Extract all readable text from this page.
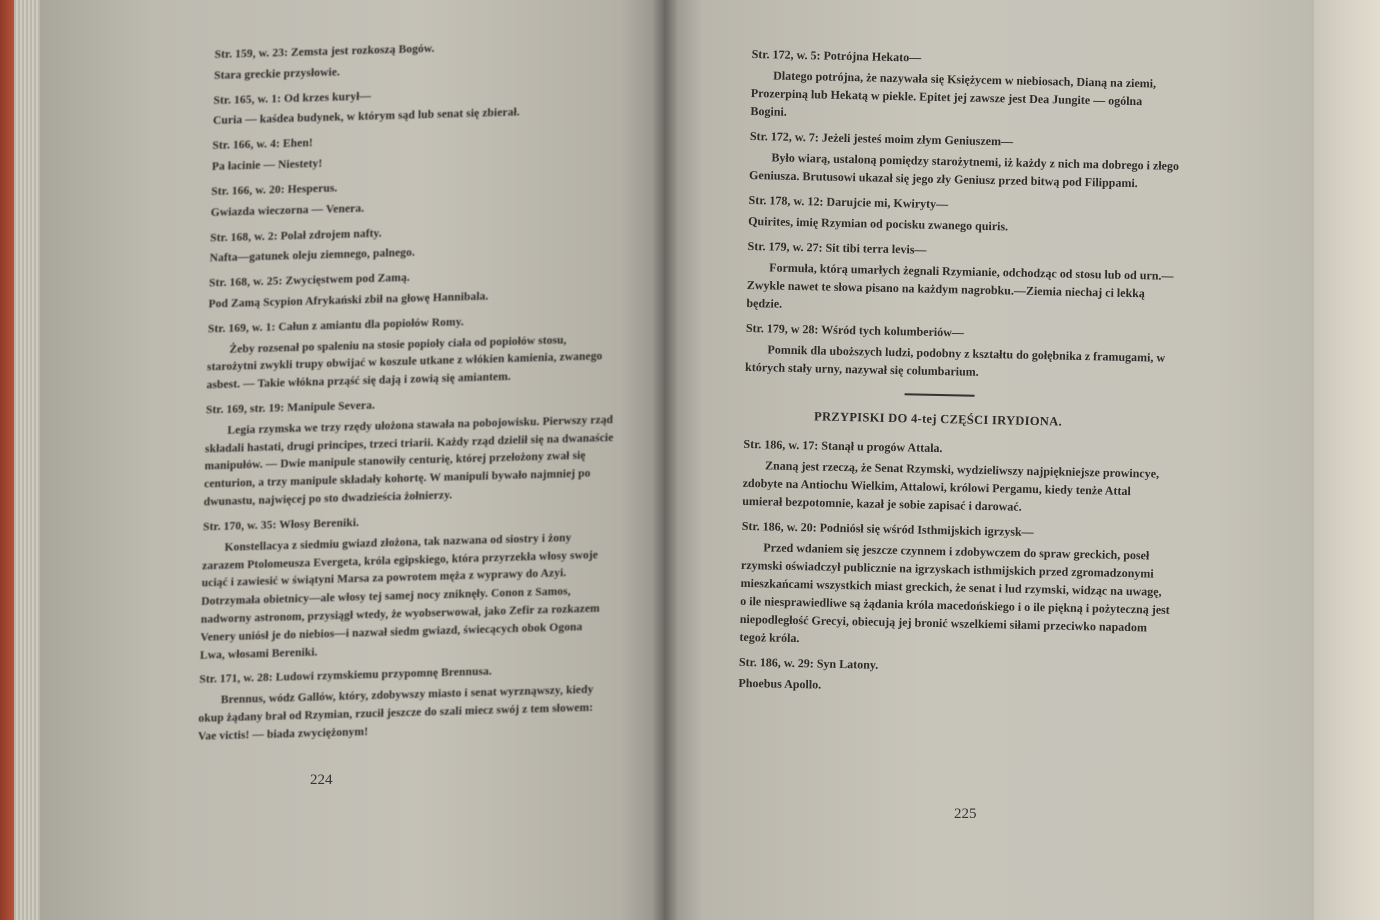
Str. 159, w. 23: Zemsta jest rozkoszą Bogów.

Stara greckie przysłowie.

Str. 165, w. 1: Od krzes kurył—

Curia — kaśdea budynek, w którym sąd lub senat się zbierał.

Str. 166, w. 4: Ehen!

Pa łacinie — Niestety!

Str. 166, w. 20: Hesperus.

Gwiazda wieczorna — Venera.

Str. 168, w. 2: Polał zdrojem nafty.

Nafta—gatunek oleju ziemnego, palnego.

Str. 168, w. 25: Zwycięstwem pod Zamą.

Pod Zamą Scypion Afrykański zbił na głowę Hannibala.

Str. 169, w. 1: Całun z amiantu dla popiołów Romy.

Żeby rozsenał po spaleniu na stosie popioły ciała od popiołów stosu, starożytni zwykli trupy obwijać w koszule utkane z włókien kamienia, zwanego asbest. — Takie włókna prząść się dają i zowią się amiantem.

Str. 169, str. 19: Manipule Severa.

Legia rzymska we trzy rzędy ułożona stawała na pobojowisku. Pierwszy rząd składali hastati, drugi principes, trzeci triarii. Każdy rząd dzielił się na dwanaście manipułów. — Dwie manipule stanowiły centurię, której przełożony zwał się centurion, a trzy manipule składały kohortę. W manipuli bywało najmniej po dwunastu, najwięcej po sto dwadzieścia żołnierzy.

Str. 170, w. 35: Włosy Bereniki.

Konstellacya z siedmiu gwiazd złożona, tak nazwana od siostry i żony zarazem Ptolomeusza Evergeta, króla egipskiego, która przyrzekła włosy swoje uciąć i zawiesić w świątyni Marsa za powrotem męża z wyprawy do Azyi. Dotrzymała obietnicy—ale włosy tej samej nocy zniknęły. Conon z Samos, nadworny astronom, przysiągł wtedy, że wyobserwował, jako Zefir za rozkazem Venery uniósł je do niebios—i nazwał siedm gwiazd, świecących obok Ogona Lwa, włosami Bereniki.

Str. 171, w. 28: Ludowi rzymskiemu przypomnę Brennusa.

Brennus, wódz Gallów, który, zdobywszy miasto i senat wyrznąwszy, kiedy okup żądany brał od Rzymian, rzucił jeszcze do szali miecz swój z tem słowem: Vae victis! — biada zwyciężonym!

224

Str. 172, w. 5: Potrójna Hekato—

Dlatego potrójna, że nazywała się Księżycem w niebiosach, Dianą na ziemi, Prozerpiną lub Hekatą w piekle. Epitet jej zawsze jest Dea Jungite — ogólna Bogini.

Str. 172, w. 7: Jeżeli jesteś moim złym Geniuszem—

Było wiarą, ustaloną pomiędzy starożytnemi, iż każdy z nich ma dobrego i złego Geniusza. Brutusowi ukazał się jego zły Geniusz przed bitwą pod Filippami.

Str. 178, w. 12: Darujcie mi, Kwiryty—

Quirites, imię Rzymian od pocisku zwanego quiris.

Str. 179, w. 27: Sit tibi terra levis—

Formuła, którą umarłych żegnali Rzymianie, odchodząc od stosu lub od urn.—Zwykle nawet te słowa pisano na każdym nagrobku.—Ziemia niechaj ci lekką będzie.

Str. 179, w 28: Wśród tych kolumberiów—

Pomnik dla uboższych ludzi, podobny z kształtu do gołębnika z framugami, w których stały urny, nazywał się columbarium.

PRZYPISKI DO 4-tej CZĘŚCI IRYDIONA.

Str. 186, w. 17: Stanął u progów Attala.

Znaną jest rzeczą, że Senat Rzymski, wydzieliwszy najpiękniejsze prowincye, zdobyte na Antiochu Wielkim, Attalowi, królowi Pergamu, kiedy tenże Attal umierał bezpotomnie, kazał je sobie zapisać i darować.

Str. 186, w. 20: Podniósł się wśród Isthmijskich igrzysk—

Przed wdaniem się jeszcze czynnem i zdobywczem do spraw greckich, poseł rzymski oświadczył publicznie na igrzyskach isthmijskich przed zgromadzonymi mieszkańcami wszystkich miast greckich, że senat i lud rzymski, widząc na uwagę, o ile niesprawiedliwe są żądania króla macedońskiego i o ile piękną i pożyteczną jest niepodległość Grecyi, obiecują jej bronić wszelkiemi siłami przeciwko napadom tegoż króla.

Str. 186, w. 29: Syn Latony.

Phoebus Apollo.

225
